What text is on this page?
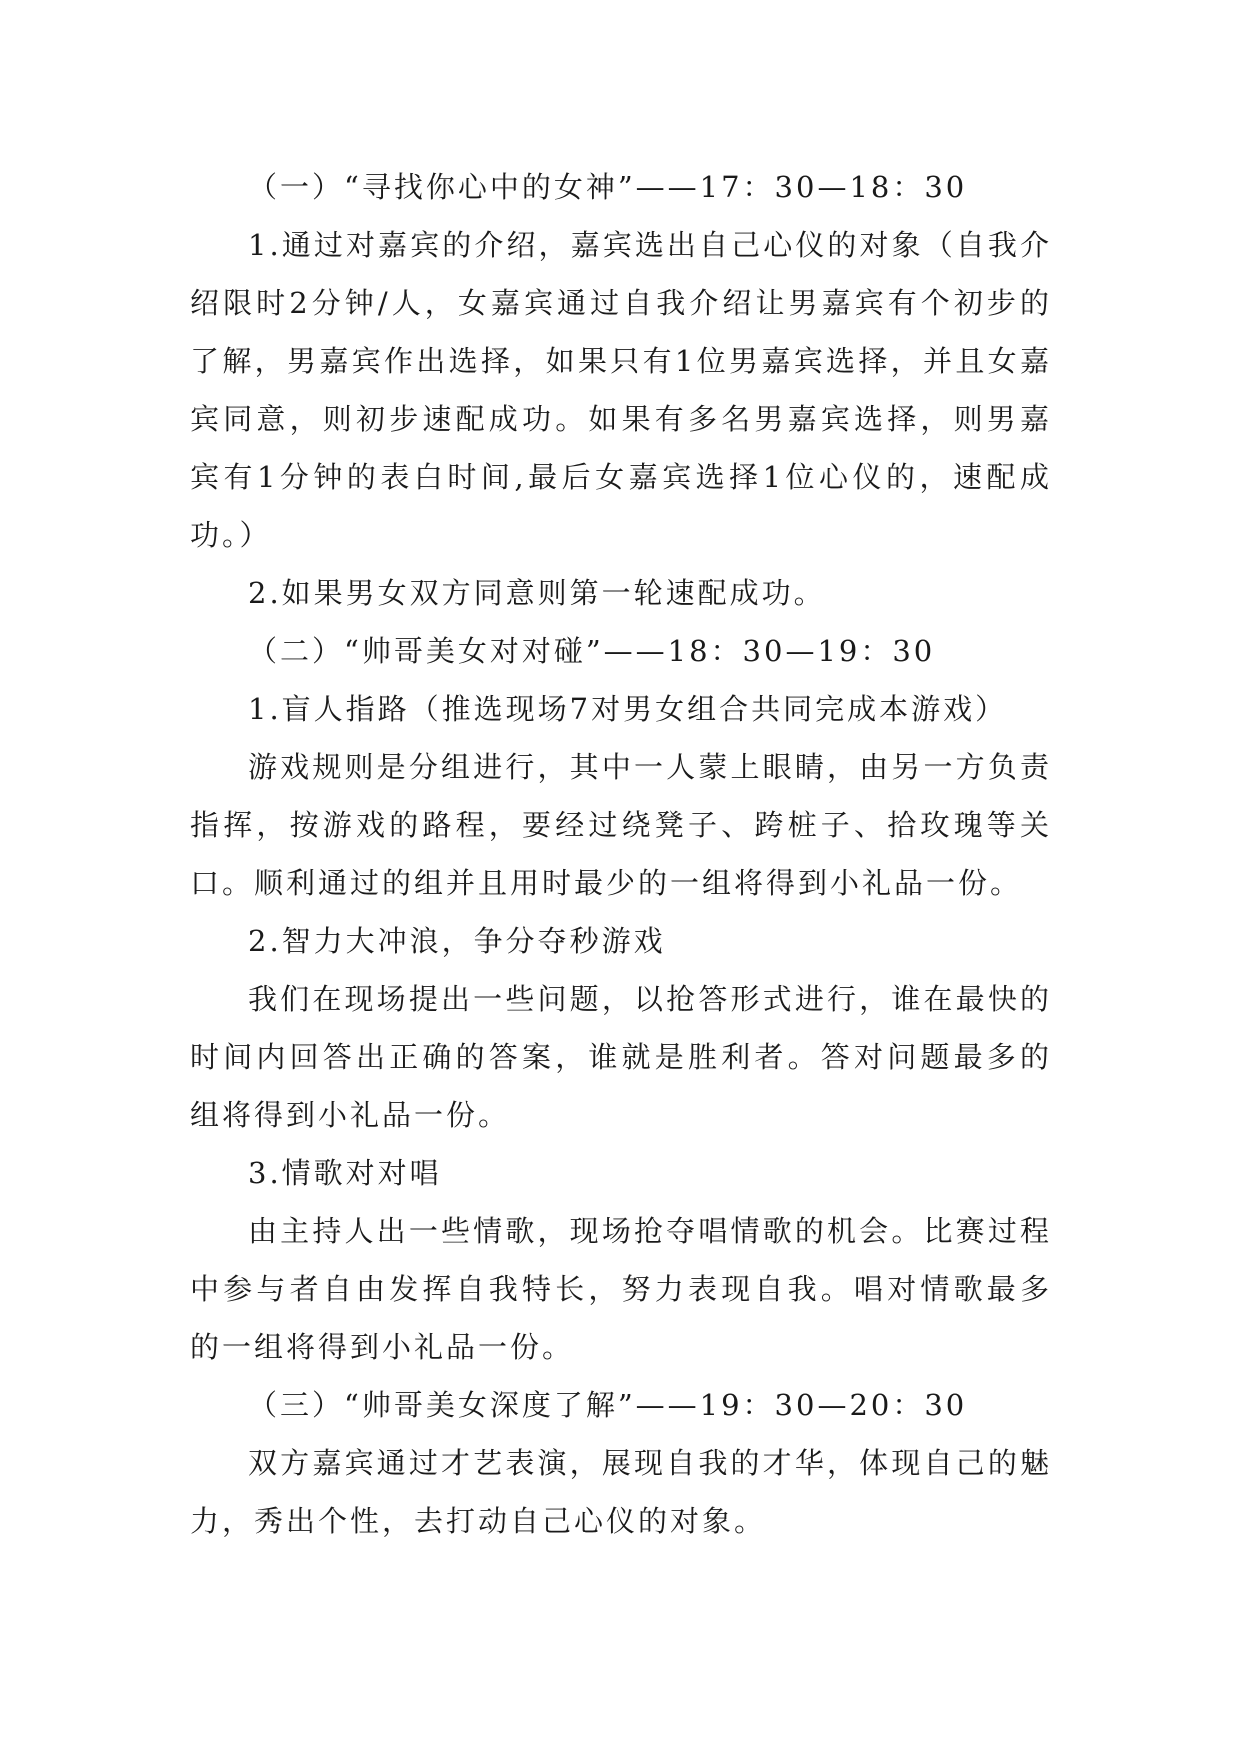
（一）“寻找你心中的女神”——17：30—18：30

1.通过对嘉宾的介绍，嘉宾选出自己心仪的对象（自我介绍限时2分钟/人，女嘉宾通过自我介绍让男嘉宾有个初步的了解，男嘉宾作出选择，如果只有1位男嘉宾选择，并且女嘉宾同意，则初步速配成功。如果有多名男嘉宾选择，则男嘉宾有1分钟的表白时间,最后女嘉宾选择1位心仪的，速配成功。）

2.如果男女双方同意则第一轮速配成功。

（二）“帅哥美女对对碰”——18：30—19：30

1.盲人指路（推选现场7对男女组合共同完成本游戏）

游戏规则是分组进行，其中一人蒙上眼睛，由另一方负责指挥，按游戏的路程，要经过绕凳子、跨桩子、拾玫瑰等关口。顺利通过的组并且用时最少的一组将得到小礼品一份。

2.智力大冲浪，争分夺秒游戏

我们在现场提出一些问题，以抢答形式进行，谁在最快的时间内回答出正确的答案，谁就是胜利者。答对问题最多的组将得到小礼品一份。

3.情歌对对唱

由主持人出一些情歌，现场抢夺唱情歌的机会。比赛过程中参与者自由发挥自我特长，努力表现自我。唱对情歌最多的一组将得到小礼品一份。

（三）“帅哥美女深度了解”——19：30—20：30

双方嘉宾通过才艺表演，展现自我的才华，体现自己的魅力，秀出个性，去打动自己心仪的对象。
